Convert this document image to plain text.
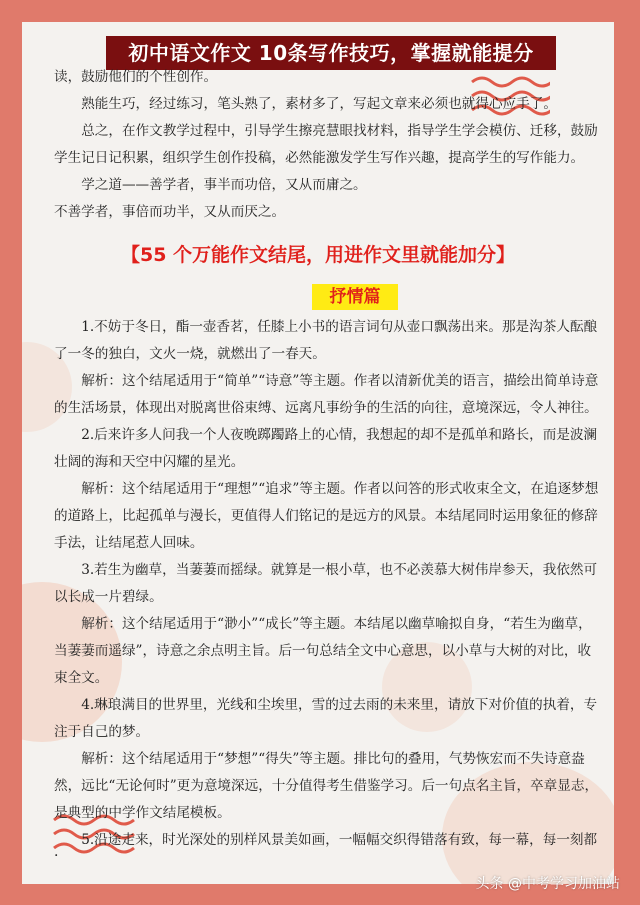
初中语文作文 10条写作技巧，掌握就能提分

读，鼓励他们的个性创作。

熟能生巧，经过练习，笔头熟了，素材多了，写起文章来必须也就得心应手了。

总之，在作文教学过程中，引导学生擦亮慧眼找材料，指导学生学会模仿、迁移，鼓励学生记日记积累，组织学生创作投稿，必然能激发学生写作兴趣，提高学生的写作能力。

学之道——善学者，事半而功倍，又从而庸之。

不善学者，事倍而功半，又从而厌之。

【55 个万能作文结尾，用进作文里就能加分】
抒情篇

1.不妨于冬日，酯一壶香茗，任膝上小书的语言词句从壶口飘荡出来。那是沟茶人酝酿了一冬的独白，文火一烧，就燃出了一春天。

解析：这个结尾适用于“简单”“诗意”等主题。作者以清新优美的语言，描绘出简单诗意的生活场景，体现出对脱离世俗束缚、远离凡事纷争的生活的向往，意境深远，令人神往。

2.后来许多人问我一个人夜晚踯躅路上的心情，我想起的却不是孤单和路长，而是波澜壮阔的海和天空中闪耀的星光。

解析：这个结尾适用于“理想”“追求”等主题。作者以问答的形式收束全文，在追逐梦想的道路上，比起孤单与漫长，更值得人们铭记的是远方的风景。本结尾同时运用象征的修辞手法，让结尾惹人回味。

3.若生为幽草，当萋萋而摇绿。就算是一根小草，也不必羡慕大树伟岸参天，我依然可以长成一片碧绿。

解析：这个结尾适用于“渺小”“成长”等主题。本结尾以幽草喻拟自身，“若生为幽草，当萋萋而遥绿”，诗意之余点明主旨。后一句总结全文中心意思，以小草与大树的对比，收束全文。

4.琳琅满目的世界里，光线和尘埃里，雪的过去雨的未来里，请放下对价值的执着，专注于自己的梦。

解析：这个结尾适用于“梦想”“得失”等主题。排比句的叠用，气势恢宏而不失诗意盎然，远比“无论何时”更为意境深远，十分值得考生借鉴学习。后一句点名主旨，卒章显志，是典型的中学作文结尾模板。

5.沿途走来，时光深处的别样风景美如画，一幅幅交织得错落有致，每一幕，每一刻都

·
头条 @中考学习加油站
